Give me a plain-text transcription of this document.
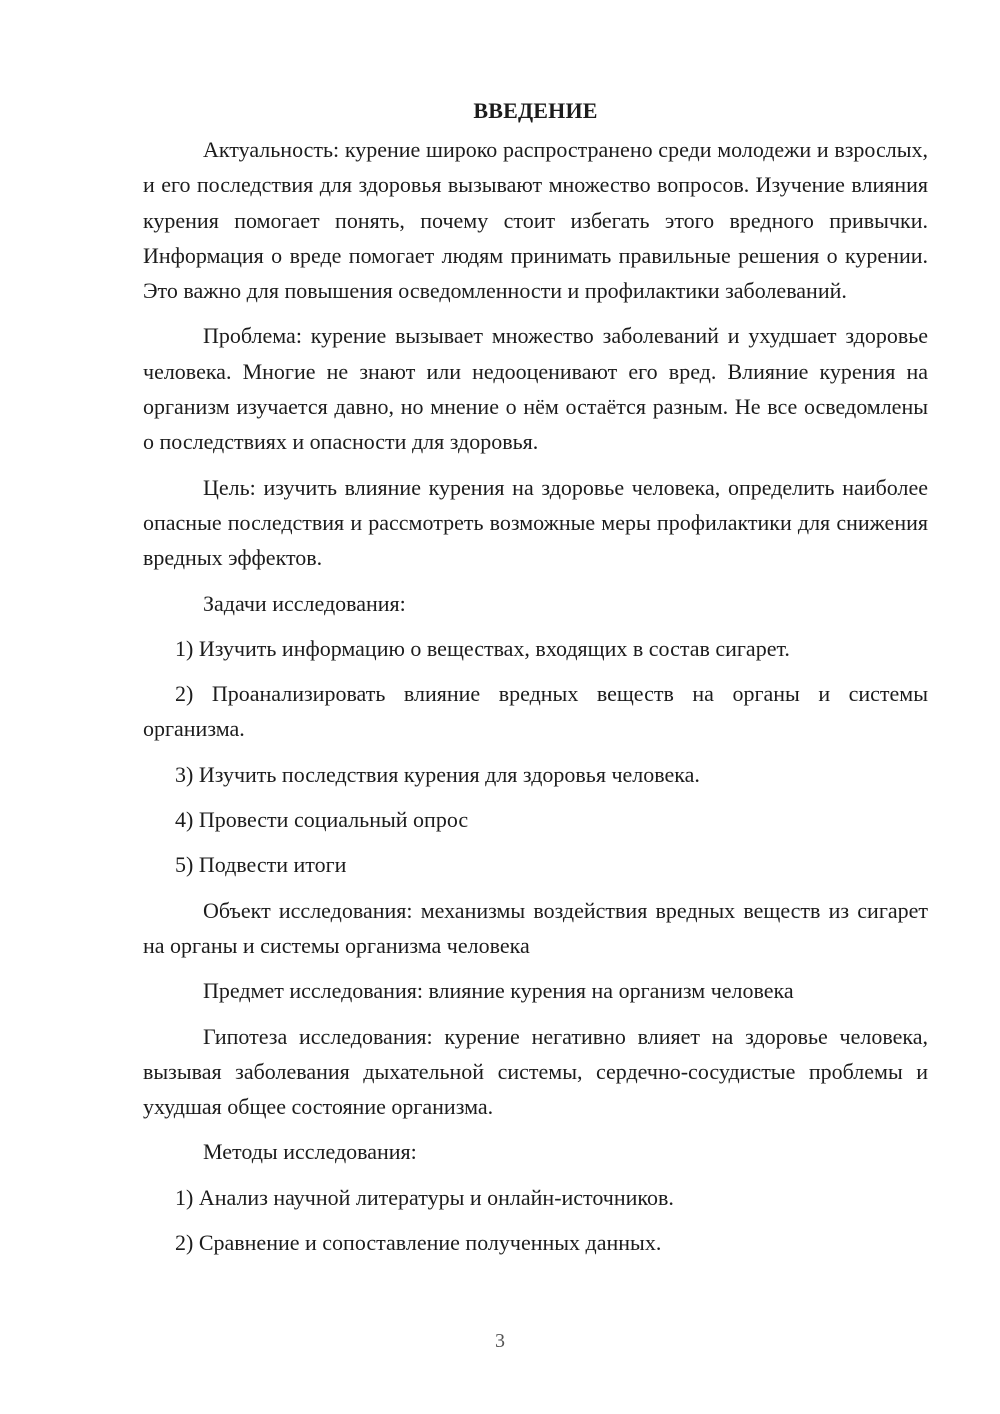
ВВЕДЕНИЕ

Актуальность: курение широко распространено среди молодежи и взрослых, и его последствия для здоровья вызывают множество вопросов. Изучение влияния курения помогает понять, почему стоит избегать этого вредного привычки. Информация о вреде помогает людям принимать правильные решения о курении. Это важно для повышения осведомленности и профилактики заболеваний.

Проблема: курение вызывает множество заболеваний и ухудшает здоровье человека. Многие не знают или недооценивают его вред. Влияние курения на организм изучается давно, но мнение о нём остаётся разным. Не все осведомлены о последствиях и опасности для здоровья.

Цель: изучить влияние курения на здоровье человека, определить наиболее опасные последствия и рассмотреть возможные меры профилактики для снижения вредных эффектов.

Задачи исследования:

1) Изучить информацию о веществах, входящих в состав сигарет.

2) Проанализировать влияние вредных веществ на органы и системы организма.

3) Изучить последствия курения для здоровья человека.

4) Провести социальный опрос

5) Подвести итоги

Объект исследования: механизмы воздействия вредных веществ из сигарет на органы и системы организма человека

Предмет исследования: влияние курения на организм человека

Гипотеза исследования: курение негативно влияет на здоровье человека, вызывая заболевания дыхательной системы, сердечно-сосудистые проблемы и ухудшая общее состояние организма.

Методы исследования:

1) Анализ научной литературы и онлайн-источников.

2) Сравнение и сопоставление полученных данных.

3
